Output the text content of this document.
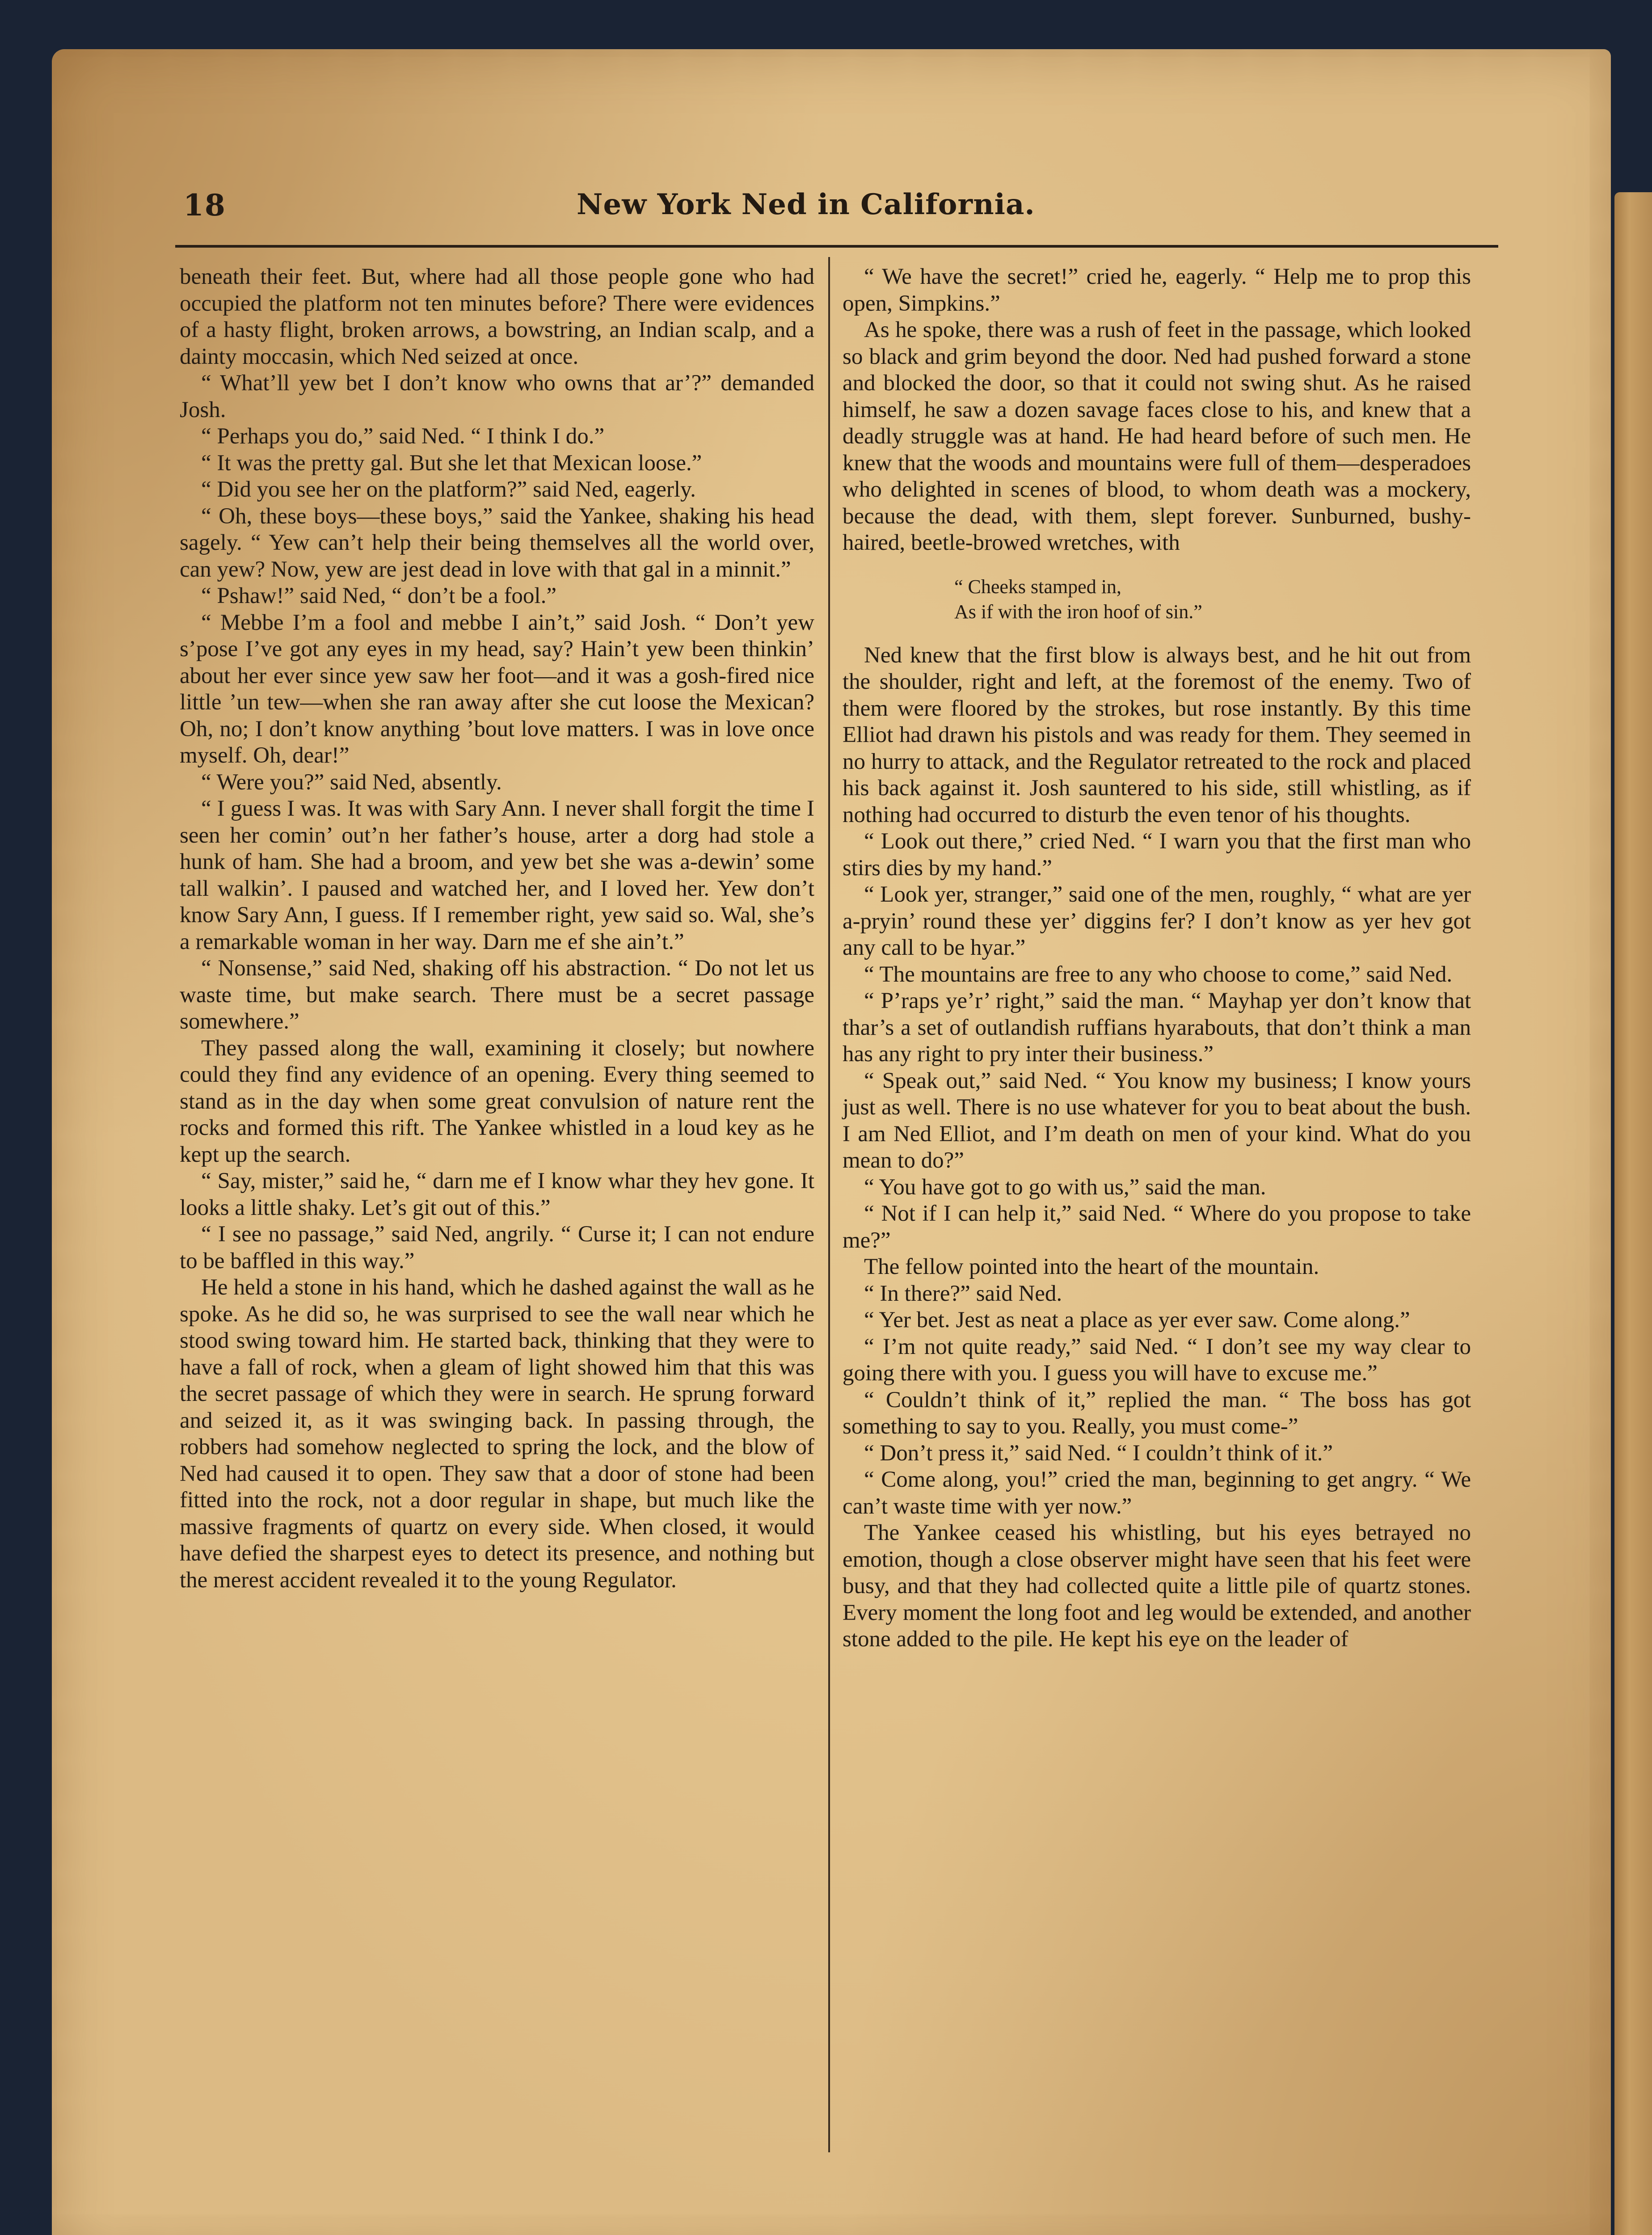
18	New York Ned in California.

beneath their feet. But, where had all those people gone who had occupied the platform not ten minutes before? There were evidences of a hasty flight, broken arrows, a bowstring, an Indian scalp, and a dainty moccasin, which Ned seized at once.

“ What’ll yew bet I don’t know who owns that ar’?” demanded Josh.

“ Perhaps you do,” said Ned. “ I think I do.”

“ It was the pretty gal. But she let that Mexican loose.”

“ Did you see her on the platform?” said Ned, eagerly.

“ Oh, these boys—these boys,” said the Yankee, shaking his head sagely. “ Yew can’t help their being themselves all the world over, can yew? Now, yew are jest dead in love with that gal in a minnit.”

“ Pshaw!” said Ned, “ don’t be a fool.”

“ Mebbe I’m a fool and mebbe I ain’t,” said Josh. “ Don’t yew s’pose I’ve got any eyes in my head, say? Hain’t yew been thinkin’ about her ever since yew saw her foot—and it was a gosh-fired nice little ’un tew—when she ran away after she cut loose the Mexican? Oh, no; I don’t know anything ’bout love matters. I was in love once myself. Oh, dear!”

“ Were you?” said Ned, absently.

“ I guess I was. It was with Sary Ann. I never shall forgit the time I seen her comin’ out’n her father’s house, arter a dorg had stole a hunk of ham. She had a broom, and yew bet she was a-dewin’ some tall walkin’. I paused and watched her, and I loved her. Yew don’t know Sary Ann, I guess. If I remember right, yew said so. Wal, she’s a remarkable woman in her way. Darn me ef she ain’t.”

“ Nonsense,” said Ned, shaking off his abstraction. “ Do not let us waste time, but make search. There must be a secret passage somewhere.”

They passed along the wall, examining it closely; but nowhere could they find any evidence of an opening. Every thing seemed to stand as in the day when some great convulsion of nature rent the rocks and formed this rift. The Yankee whistled in a loud key as he kept up the search.

“ Say, mister,” said he, “ darn me ef I know whar they hev gone. It looks a little shaky. Let’s git out of this.”

“ I see no passage,” said Ned, angrily. “ Curse it; I can not endure to be baffled in this way.”

He held a stone in his hand, which he dashed against the wall as he spoke. As he did so, he was surprised to see the wall near which he stood swing toward him. He started back, thinking that they were to have a fall of rock, when a gleam of light showed him that this was the secret passage of which they were in search. He sprung forward and seized it, as it was swinging back. In passing through, the robbers had somehow neglected to spring the lock, and the blow of Ned had caused it to open. They saw that a door of stone had been fitted into the rock, not a door regular in shape, but much like the massive fragments of quartz on every side. When closed, it would have defied the sharpest eyes to detect its presence, and nothing but the merest accident revealed it to the young Regulator.

“ We have the secret!” cried he, eagerly. “ Help me to prop this open, Simpkins.”

As he spoke, there was a rush of feet in the passage, which looked so black and grim beyond the door. Ned had pushed forward a stone and blocked the door, so that it could not swing shut. As he raised himself, he saw a dozen savage faces close to his, and knew that a deadly struggle was at hand. He had heard before of such men. He knew that the woods and mountains were full of them—desperadoes who delighted in scenes of blood, to whom death was a mockery, because the dead, with them, slept forever. Sunburned, bushy-haired, beetle-browed wretches, with

“ Cheeks stamped in,
As if with the iron hoof of sin.”

Ned knew that the first blow is always best, and he hit out from the shoulder, right and left, at the foremost of the enemy. Two of them were floored by the strokes, but rose instantly. By this time Elliot had drawn his pistols and was ready for them. They seemed in no hurry to attack, and the Regulator retreated to the rock and placed his back against it. Josh sauntered to his side, still whistling, as if nothing had occurred to disturb the even tenor of his thoughts.

“ Look out there,” cried Ned. “ I warn you that the first man who stirs dies by my hand.”

“ Look yer, stranger,” said one of the men, roughly, “ what are yer a-pryin’ round these yer’ diggins fer? I don’t know as yer hev got any call to be hyar.”

“ The mountains are free to any who choose to come,” said Ned.

“ P’raps ye’r’ right,” said the man. “ Mayhap yer don’t know that thar’s a set of outlandish ruffians hyarabouts, that don’t think a man has any right to pry inter their business.”

“ Speak out,” said Ned. “ You know my business; I know yours just as well. There is no use whatever for you to beat about the bush. I am Ned Elliot, and I’m death on men of your kind. What do you mean to do?”

“ You have got to go with us,” said the man.

“ Not if I can help it,” said Ned. “ Where do you propose to take me?”

The fellow pointed into the heart of the mountain.

“ In there?” said Ned.

“ Yer bet. Jest as neat a place as yer ever saw. Come along.”

“ I’m not quite ready,” said Ned. “ I don’t see my way clear to going there with you. I guess you will have to excuse me.”

“ Couldn’t think of it,” replied the man. “ The boss has got something to say to you. Really, you must come-”

“ Don’t press it,” said Ned. “ I couldn’t think of it.”

“ Come along, you!” cried the man, beginning to get angry. “ We can’t waste time with yer now.”

The Yankee ceased his whistling, but his eyes betrayed no emotion, though a close observer might have seen that his feet were busy, and that they had collected quite a little pile of quartz stones. Every moment the long foot and leg would be extended, and another stone added to the pile. He kept his eye on the leader of
